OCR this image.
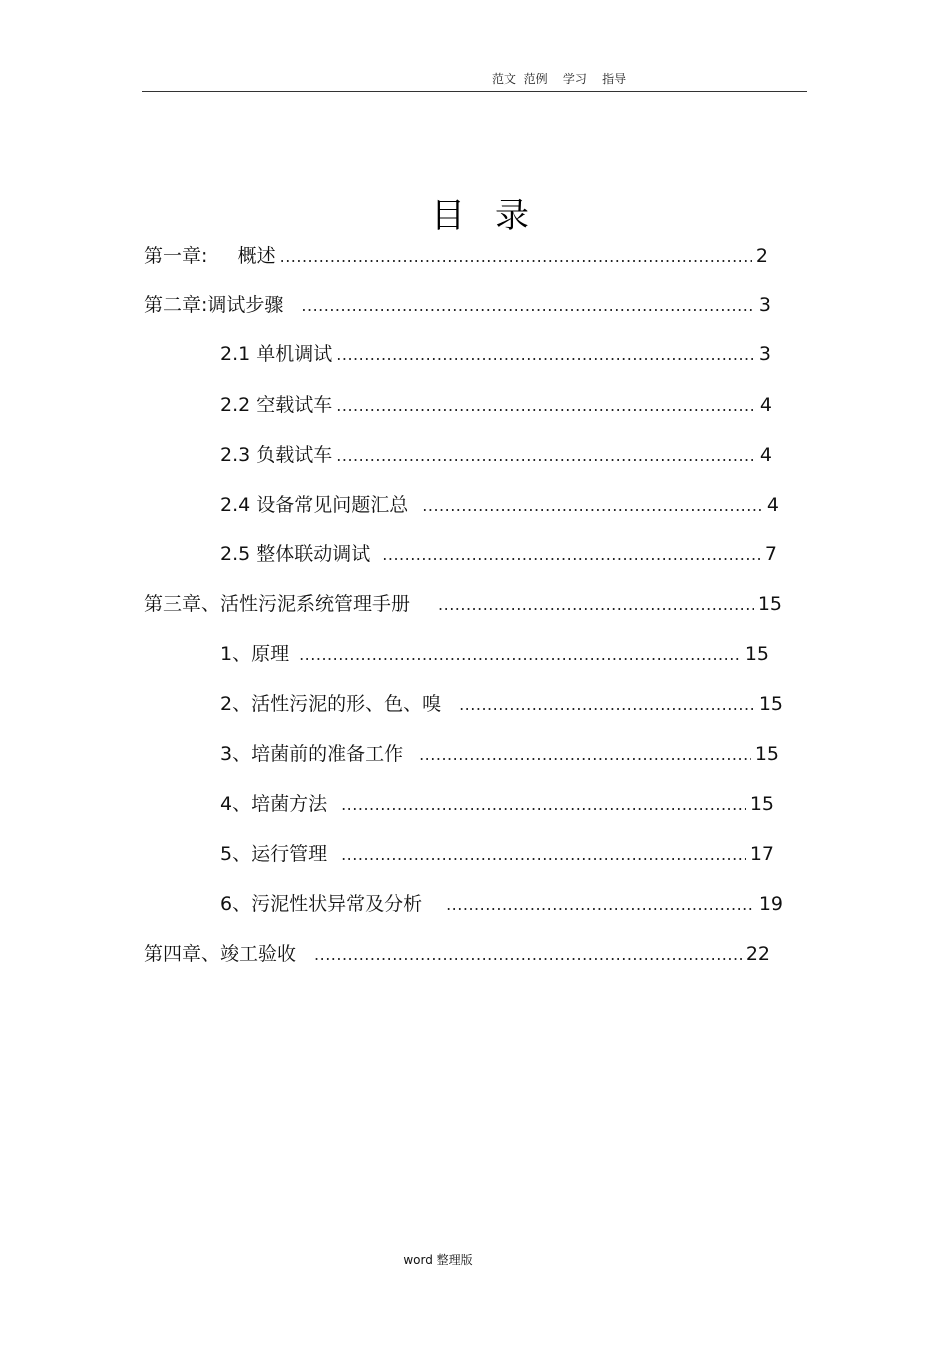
范文  范例    学习    指导
目录
第一章:     概述 .....	2
第二章:调试步骤 .....	3
2.1 单机调试 .....	3
2.2 空载试车 .....	4
2.3 负载试车 .....	4
2.4 设备常见问题汇总 .....	4
2.5 整体联动调试 .....	7
第三章、活性污泥系统管理手册 .....	15
1、原理 .....	15
2、活性污泥的形、色、嗅 .....	15
3、培菌前的准备工作 .....	15
4、培菌方法 .....	15
5、运行管理 .....	17
6、污泥性状异常及分析 .....	19
第四章、竣工验收 .....	22
word 整理版
